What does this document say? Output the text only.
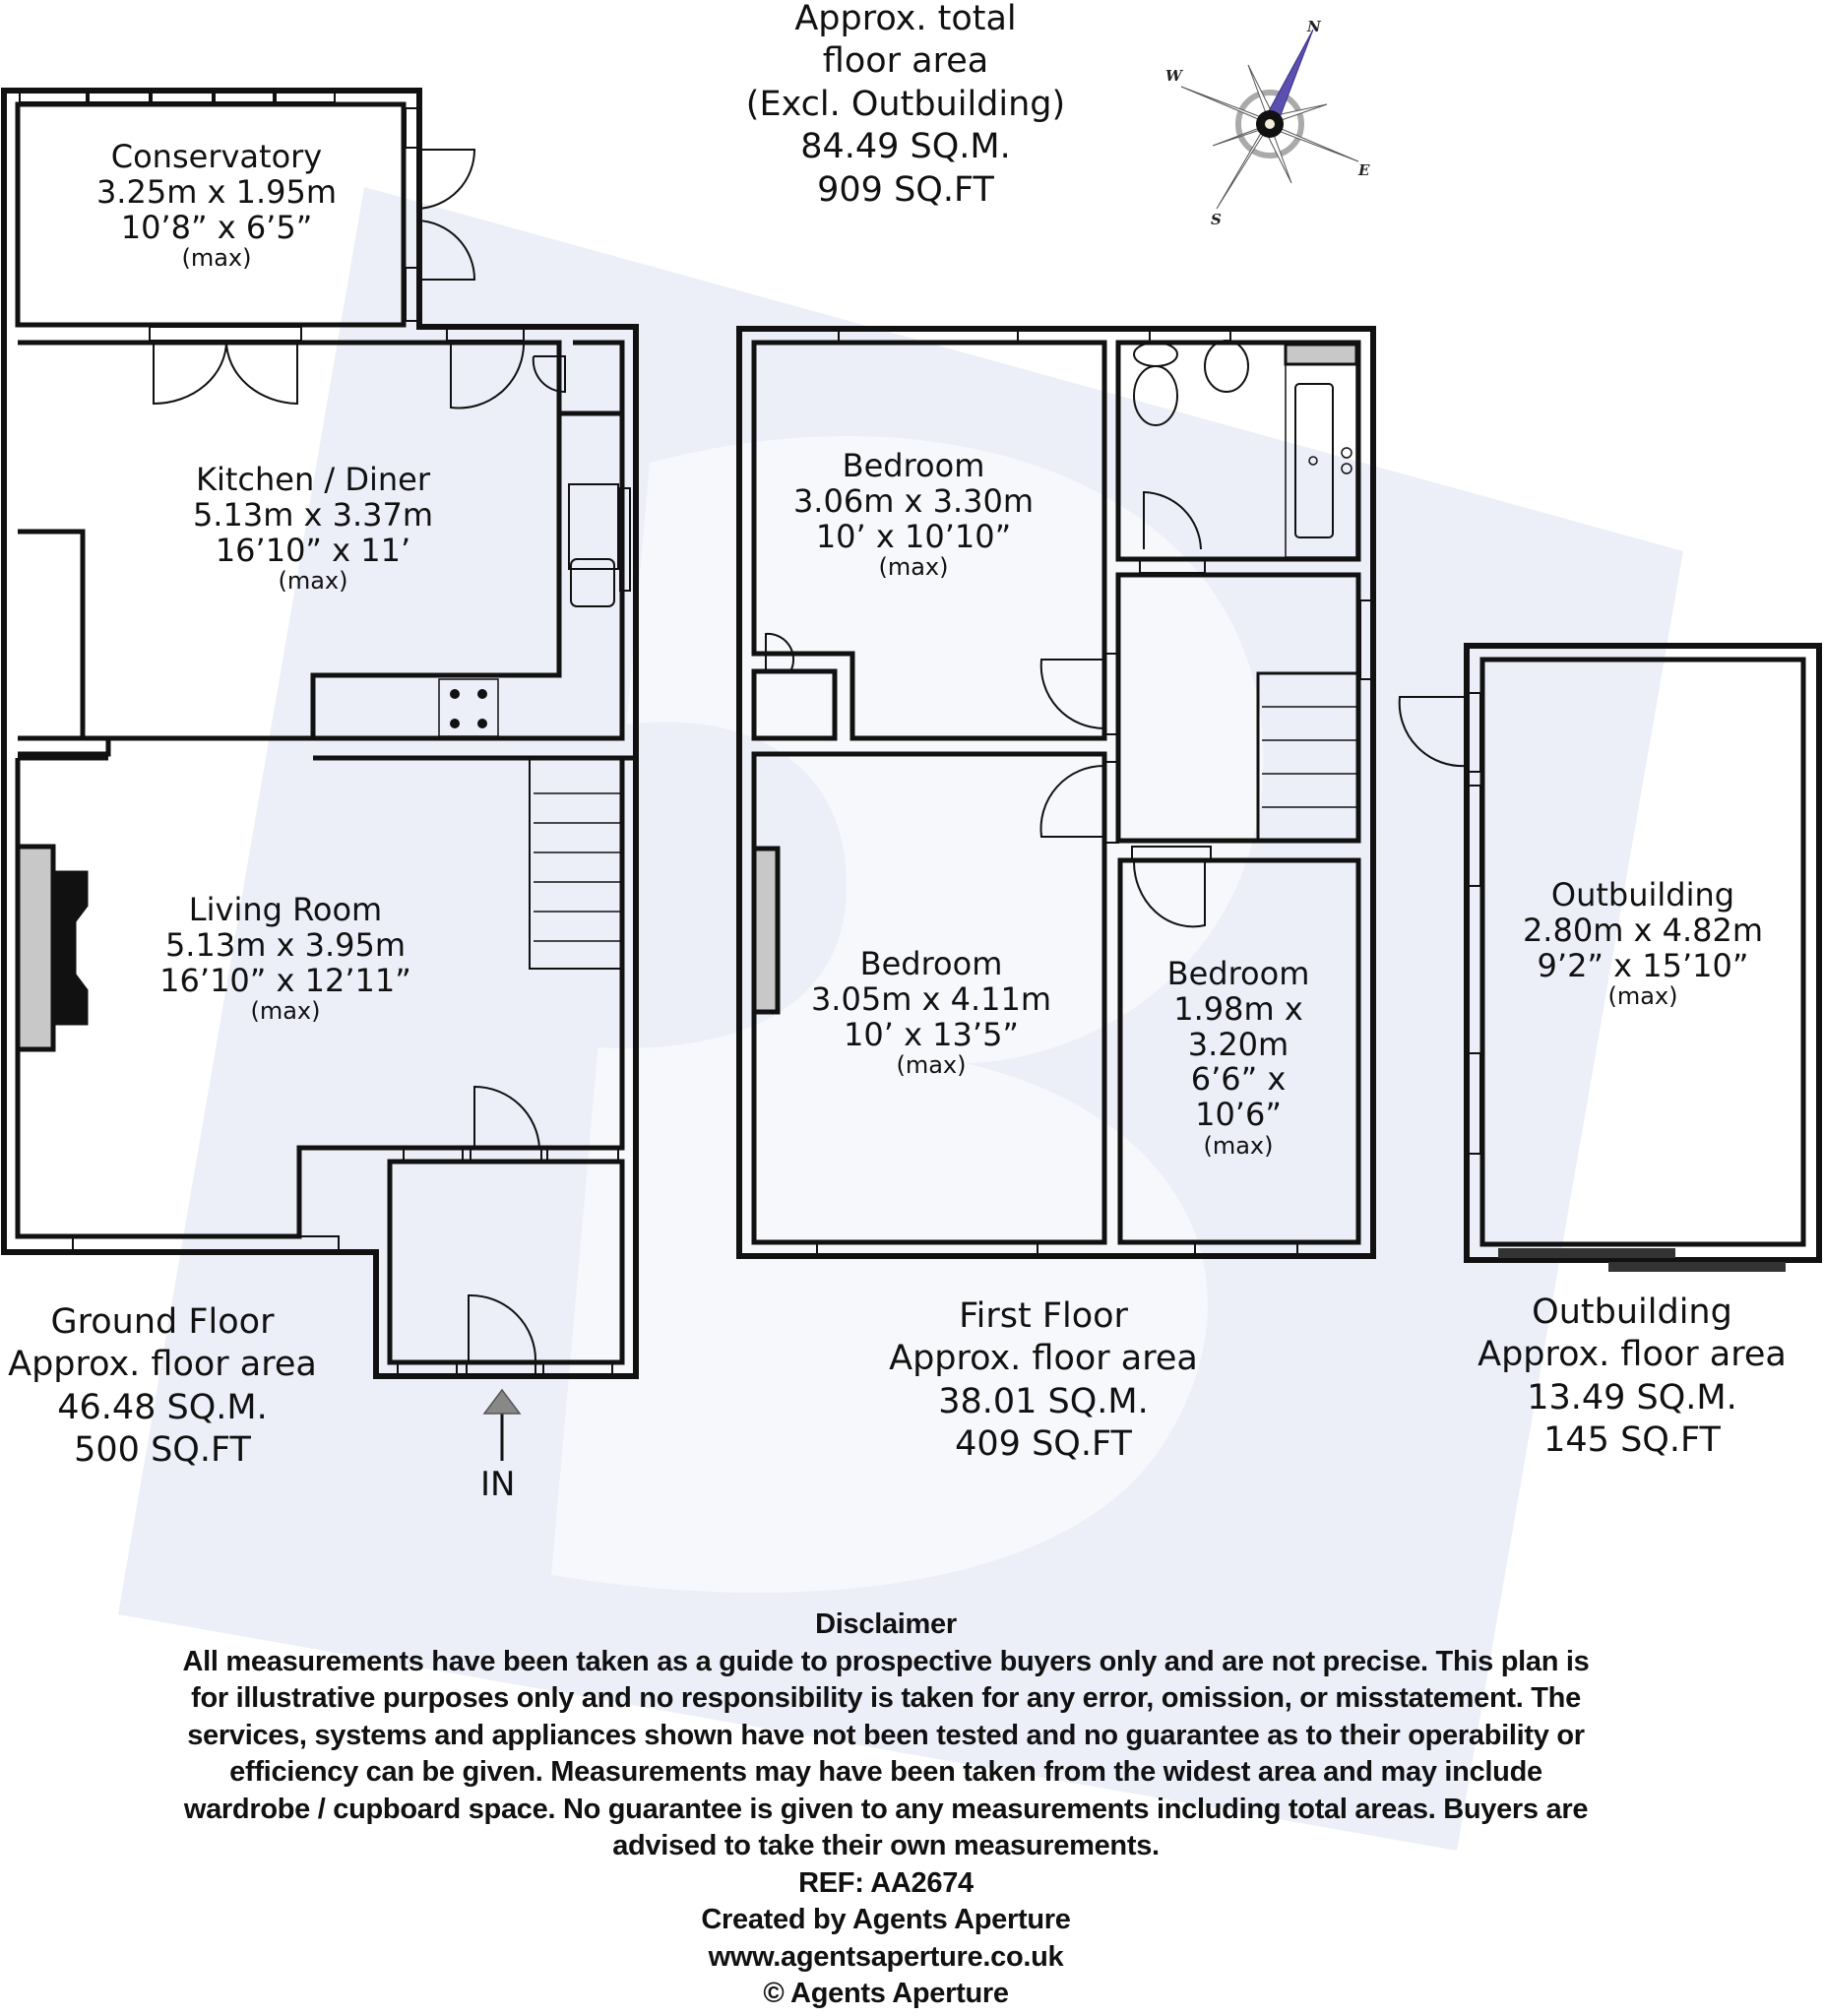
N
W
E
S
Approx. total
floor area
(Excl. Outbuilding)
84.49 SQ.M.
909 SQ.FT
Conservatory
3.25m x 1.95m
10’8” x 6’5”
(max)
Kitchen / Diner
5.13m x 3.37m
16’10” x 11’
(max)
Living Room
5.13m x 3.95m
16’10” x 12’11”
(max)
IN
Bedroom
3.06m x 3.30m
10’ x 10’10”
(max)
Bedroom
3.05m x 4.11m
10’ x 13’5”
(max)
Bedroom
1.98m x
3.20m
6’6” x
10’6”
(max)
Outbuilding
2.80m x 4.82m
9’2” x 15’10”
(max)
Ground Floor
Approx. floor area
46.48 SQ.M.
500 SQ.FT
First Floor
Approx. floor area
38.01 SQ.M.
409 SQ.FT
Outbuilding
Approx. floor area
13.49 SQ.M.
145 SQ.FT
Disclaimer
All measurements have been taken as a guide to prospective buyers only and are not precise. This plan is
for illustrative purposes only and no responsibility is taken for any error, omission, or misstatement. The
services, systems and appliances shown have not been tested and no guarantee as to their operability or
efficiency can be given. Measurements may have been taken from the widest area and may include
wardrobe / cupboard space. No guarantee is given to any measurements including total areas. Buyers are
advised to take their own measurements.
REF: AA2674
Created by Agents Aperture
www.agentsaperture.co.uk
© Agents Aperture
